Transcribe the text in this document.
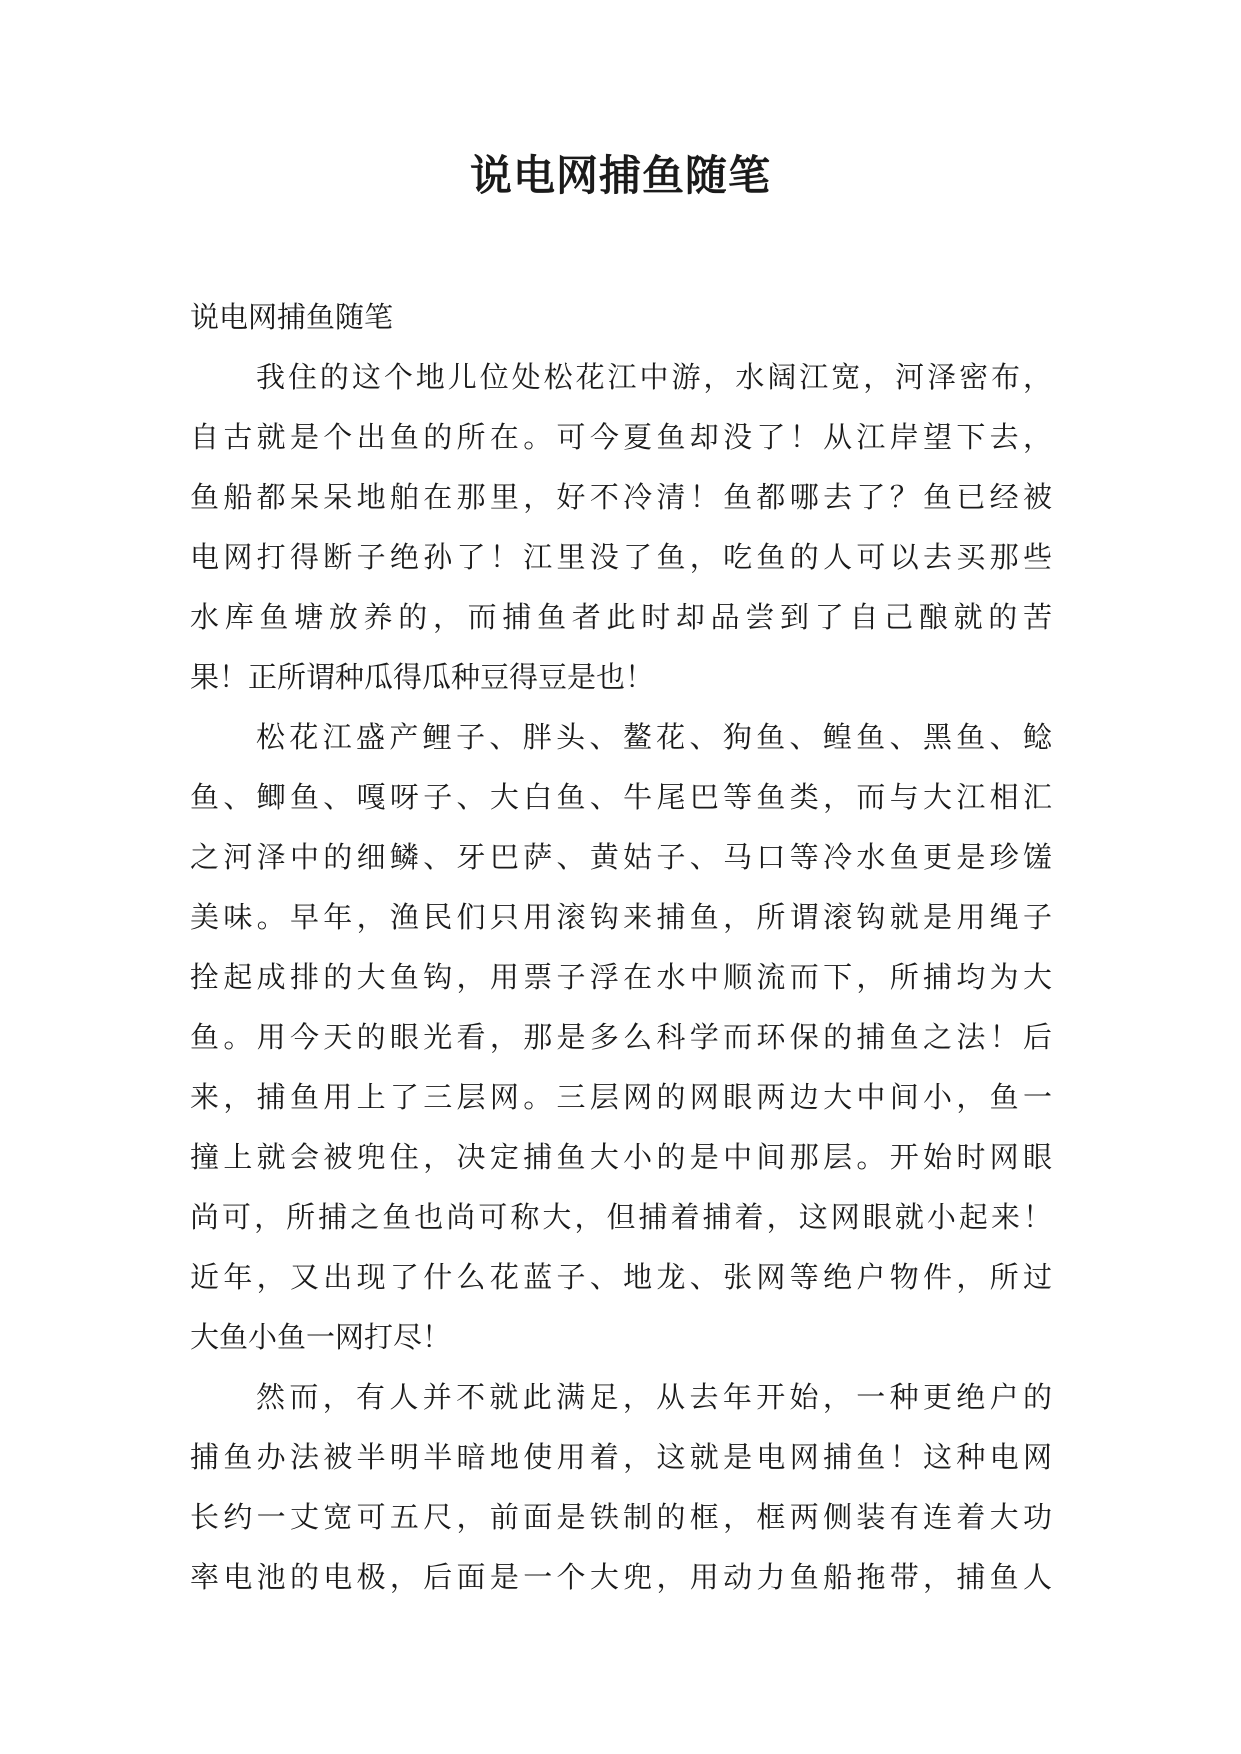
说电网捕鱼随笔
说电网捕鱼随笔
我住的这个地儿位处松花江中游，水阔江宽，河泽密布，
自古就是个出鱼的所在。可今夏鱼却没了！从江岸望下去，
鱼船都呆呆地舶在那里，好不冷清！鱼都哪去了？鱼已经被
电网打得断子绝孙了！江里没了鱼，吃鱼的人可以去买那些
水库鱼塘放养的，而捕鱼者此时却品尝到了自己酿就的苦
果！正所谓种瓜得瓜种豆得豆是也！
松花江盛产鲤子、胖头、鳌花、狗鱼、鳇鱼、黑鱼、鲶
鱼、鲫鱼、嘎呀子、大白鱼、牛尾巴等鱼类，而与大江相汇
之河泽中的细鳞、牙巴萨、黄姑子、马口等冷水鱼更是珍馐
美味。早年，渔民们只用滚钩来捕鱼，所谓滚钩就是用绳子
拴起成排的大鱼钩，用票子浮在水中顺流而下，所捕均为大
鱼。用今天的眼光看，那是多么科学而环保的捕鱼之法！后
来，捕鱼用上了三层网。三层网的网眼两边大中间小，鱼一
撞上就会被兜住，决定捕鱼大小的是中间那层。开始时网眼
尚可，所捕之鱼也尚可称大，但捕着捕着，这网眼就小起来！
近年，又出现了什么花蓝子、地龙、张网等绝户物件，所过
大鱼小鱼一网打尽！
然而，有人并不就此满足，从去年开始，一种更绝户的
捕鱼办法被半明半暗地使用着，这就是电网捕鱼！这种电网
长约一丈宽可五尺，前面是铁制的框，框两侧装有连着大功
率电池的电极，后面是一个大兜，用动力鱼船拖带，捕鱼人
